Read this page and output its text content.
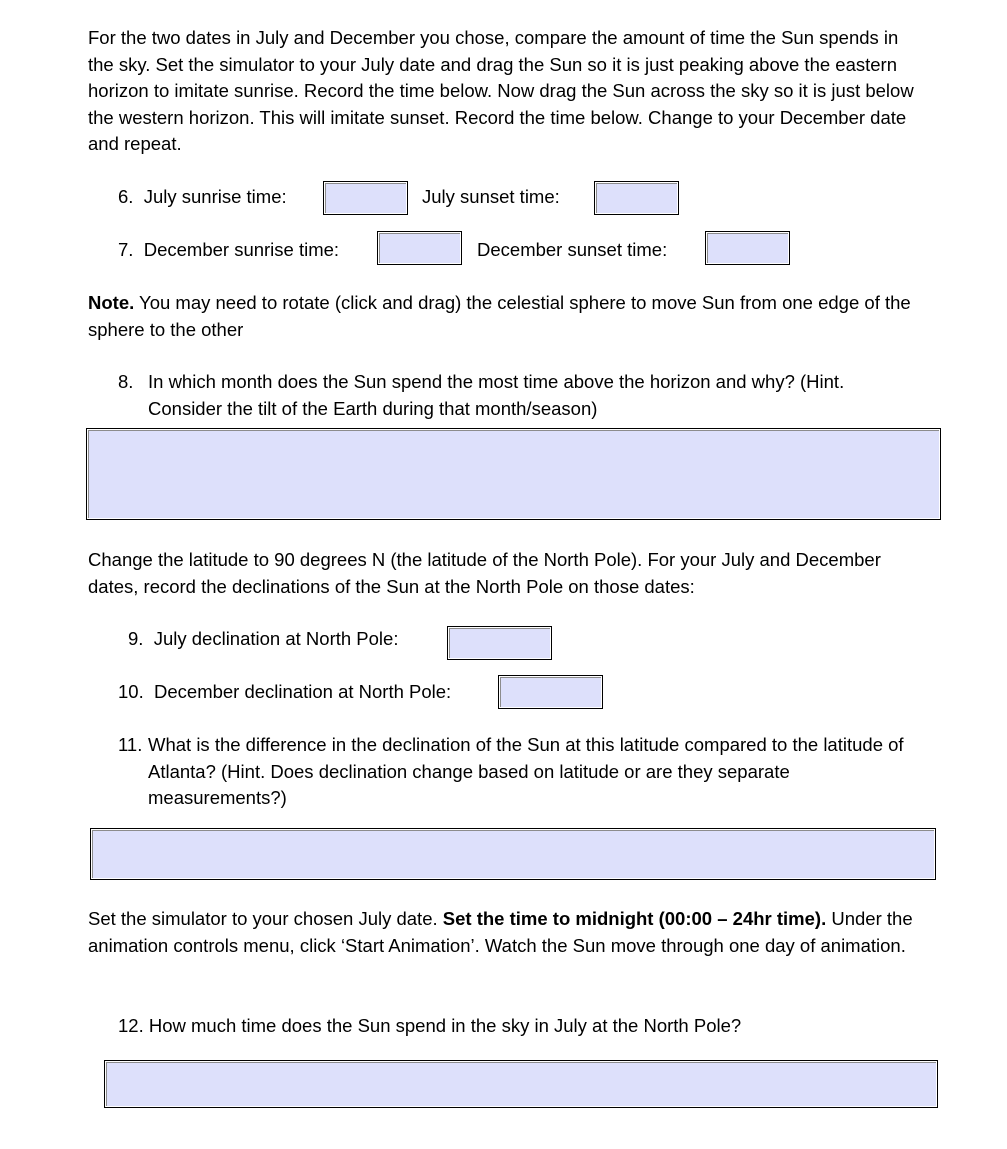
For the two dates in July and December you chose, compare the amount of time the Sun spends in the sky. Set the simulator to your July date and drag the Sun so it is just peaking above the eastern horizon to imitate sunrise. Record the time below. Now drag the Sun across the sky so it is just below the western horizon. This will imitate sunset. Record the time below. Change to your December date and repeat.

6. July sunrise time:	July sunset time:
7. December sunrise time:	December sunset time:

Note. You may need to rotate (click and drag) the celestial sphere to move Sun from one edge of the sphere to the other

8. In which month does the Sun spend the most time above the horizon and why? (Hint. Consider the tilt of the Earth during that month/season)

Change the latitude to 90 degrees N (the latitude of the North Pole). For your July and December dates, record the declinations of the Sun at the North Pole on those dates:

9. July declination at North Pole:
10. December declination at North Pole:
11. What is the difference in the declination of the Sun at this latitude compared to the latitude of Atlanta? (Hint. Does declination change based on latitude or are they separate measurements?)

Set the simulator to your chosen July date. Set the time to midnight (00:00 – 24hr time). Under the animation controls menu, click ‘Start Animation’. Watch the Sun move through one day of animation.

12. How much time does the Sun spend in the sky in July at the North Pole?
